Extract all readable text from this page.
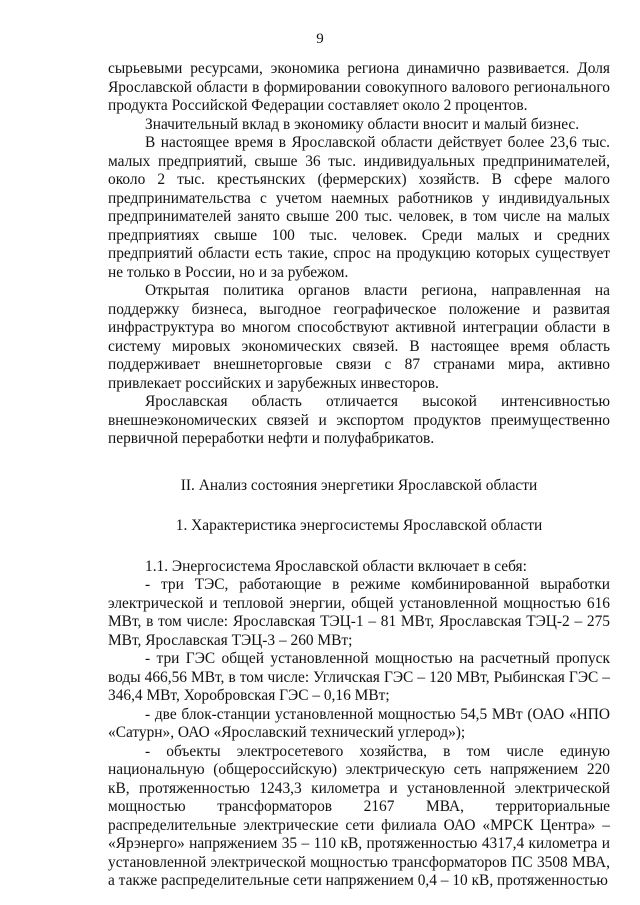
9

сырьевыми ресурсами, экономика региона динамично развивается. Доля Ярославской области в формировании совокупного валового регионального продукта Российской Федерации составляет около 2 процентов.

Значительный вклад в экономику области вносит и малый бизнес.

В настоящее время в Ярославской области действует более 23,6 тыс. малых предприятий, свыше 36 тыс. индивидуальных предпринимателей, около 2 тыс. крестьянских (фермерских) хозяйств. В сфере малого предпринимательства с учетом наемных работников у индивидуальных предпринимателей занято свыше 200 тыс. человек, в том числе на малых предприятиях свыше 100 тыс. человек. Среди малых и средних предприятий области есть такие, спрос на продукцию которых существует не только в России, но и за рубежом.

Открытая политика органов власти региона, направленная на поддержку бизнеса, выгодное географическое положение и развитая инфраструктура во многом способствуют активной интеграции области в систему мировых экономических связей. В настоящее время область поддерживает внешнеторговые связи с 87 странами мира, активно привлекает российских и зарубежных инвесторов.

Ярославская область отличается высокой интенсивностью внешнеэкономических связей и экспортом продуктов преимущественно первичной переработки нефти и полуфабрикатов.

II. Анализ состояния энергетики Ярославской области

1. Характеристика энергосистемы Ярославской области

1.1. Энергосистема Ярославской области включает в себя:

- три ТЭС, работающие в режиме комбинированной выработки электрической и тепловой энергии, общей установленной мощностью 616 МВт, в том числе: Ярославская ТЭЦ-1 – 81 МВт, Ярославская ТЭЦ-2 – 275 МВт, Ярославская ТЭЦ-3 – 260 МВт;

- три ГЭС общей установленной мощностью на расчетный пропуск воды 466,56 МВт, в том числе: Угличская ГЭС – 120 МВт, Рыбинская ГЭС – 346,4 МВт, Хоробровская ГЭС – 0,16 МВт;

- две блок-станции установленной мощностью 54,5 МВт (ОАО «НПО «Сатурн», ОАО «Ярославский технический углерод»);

- объекты электросетевого хозяйства, в том числе единую национальную (общероссийскую) электрическую сеть напряжением 220 кВ, протяженностью 1243,3 километра и установленной электрической мощностью трансформаторов 2167 МВА, территориальные распределительные электрические сети филиала ОАО «МРСК Центра» – «Ярэнерго» напряжением 35 – 110 кВ, протяженностью 4317,4 километра и установленной электрической мощностью трансформаторов ПС 3508 МВА, а также распределительные сети напряжением 0,4 – 10 кВ, протяженностью
